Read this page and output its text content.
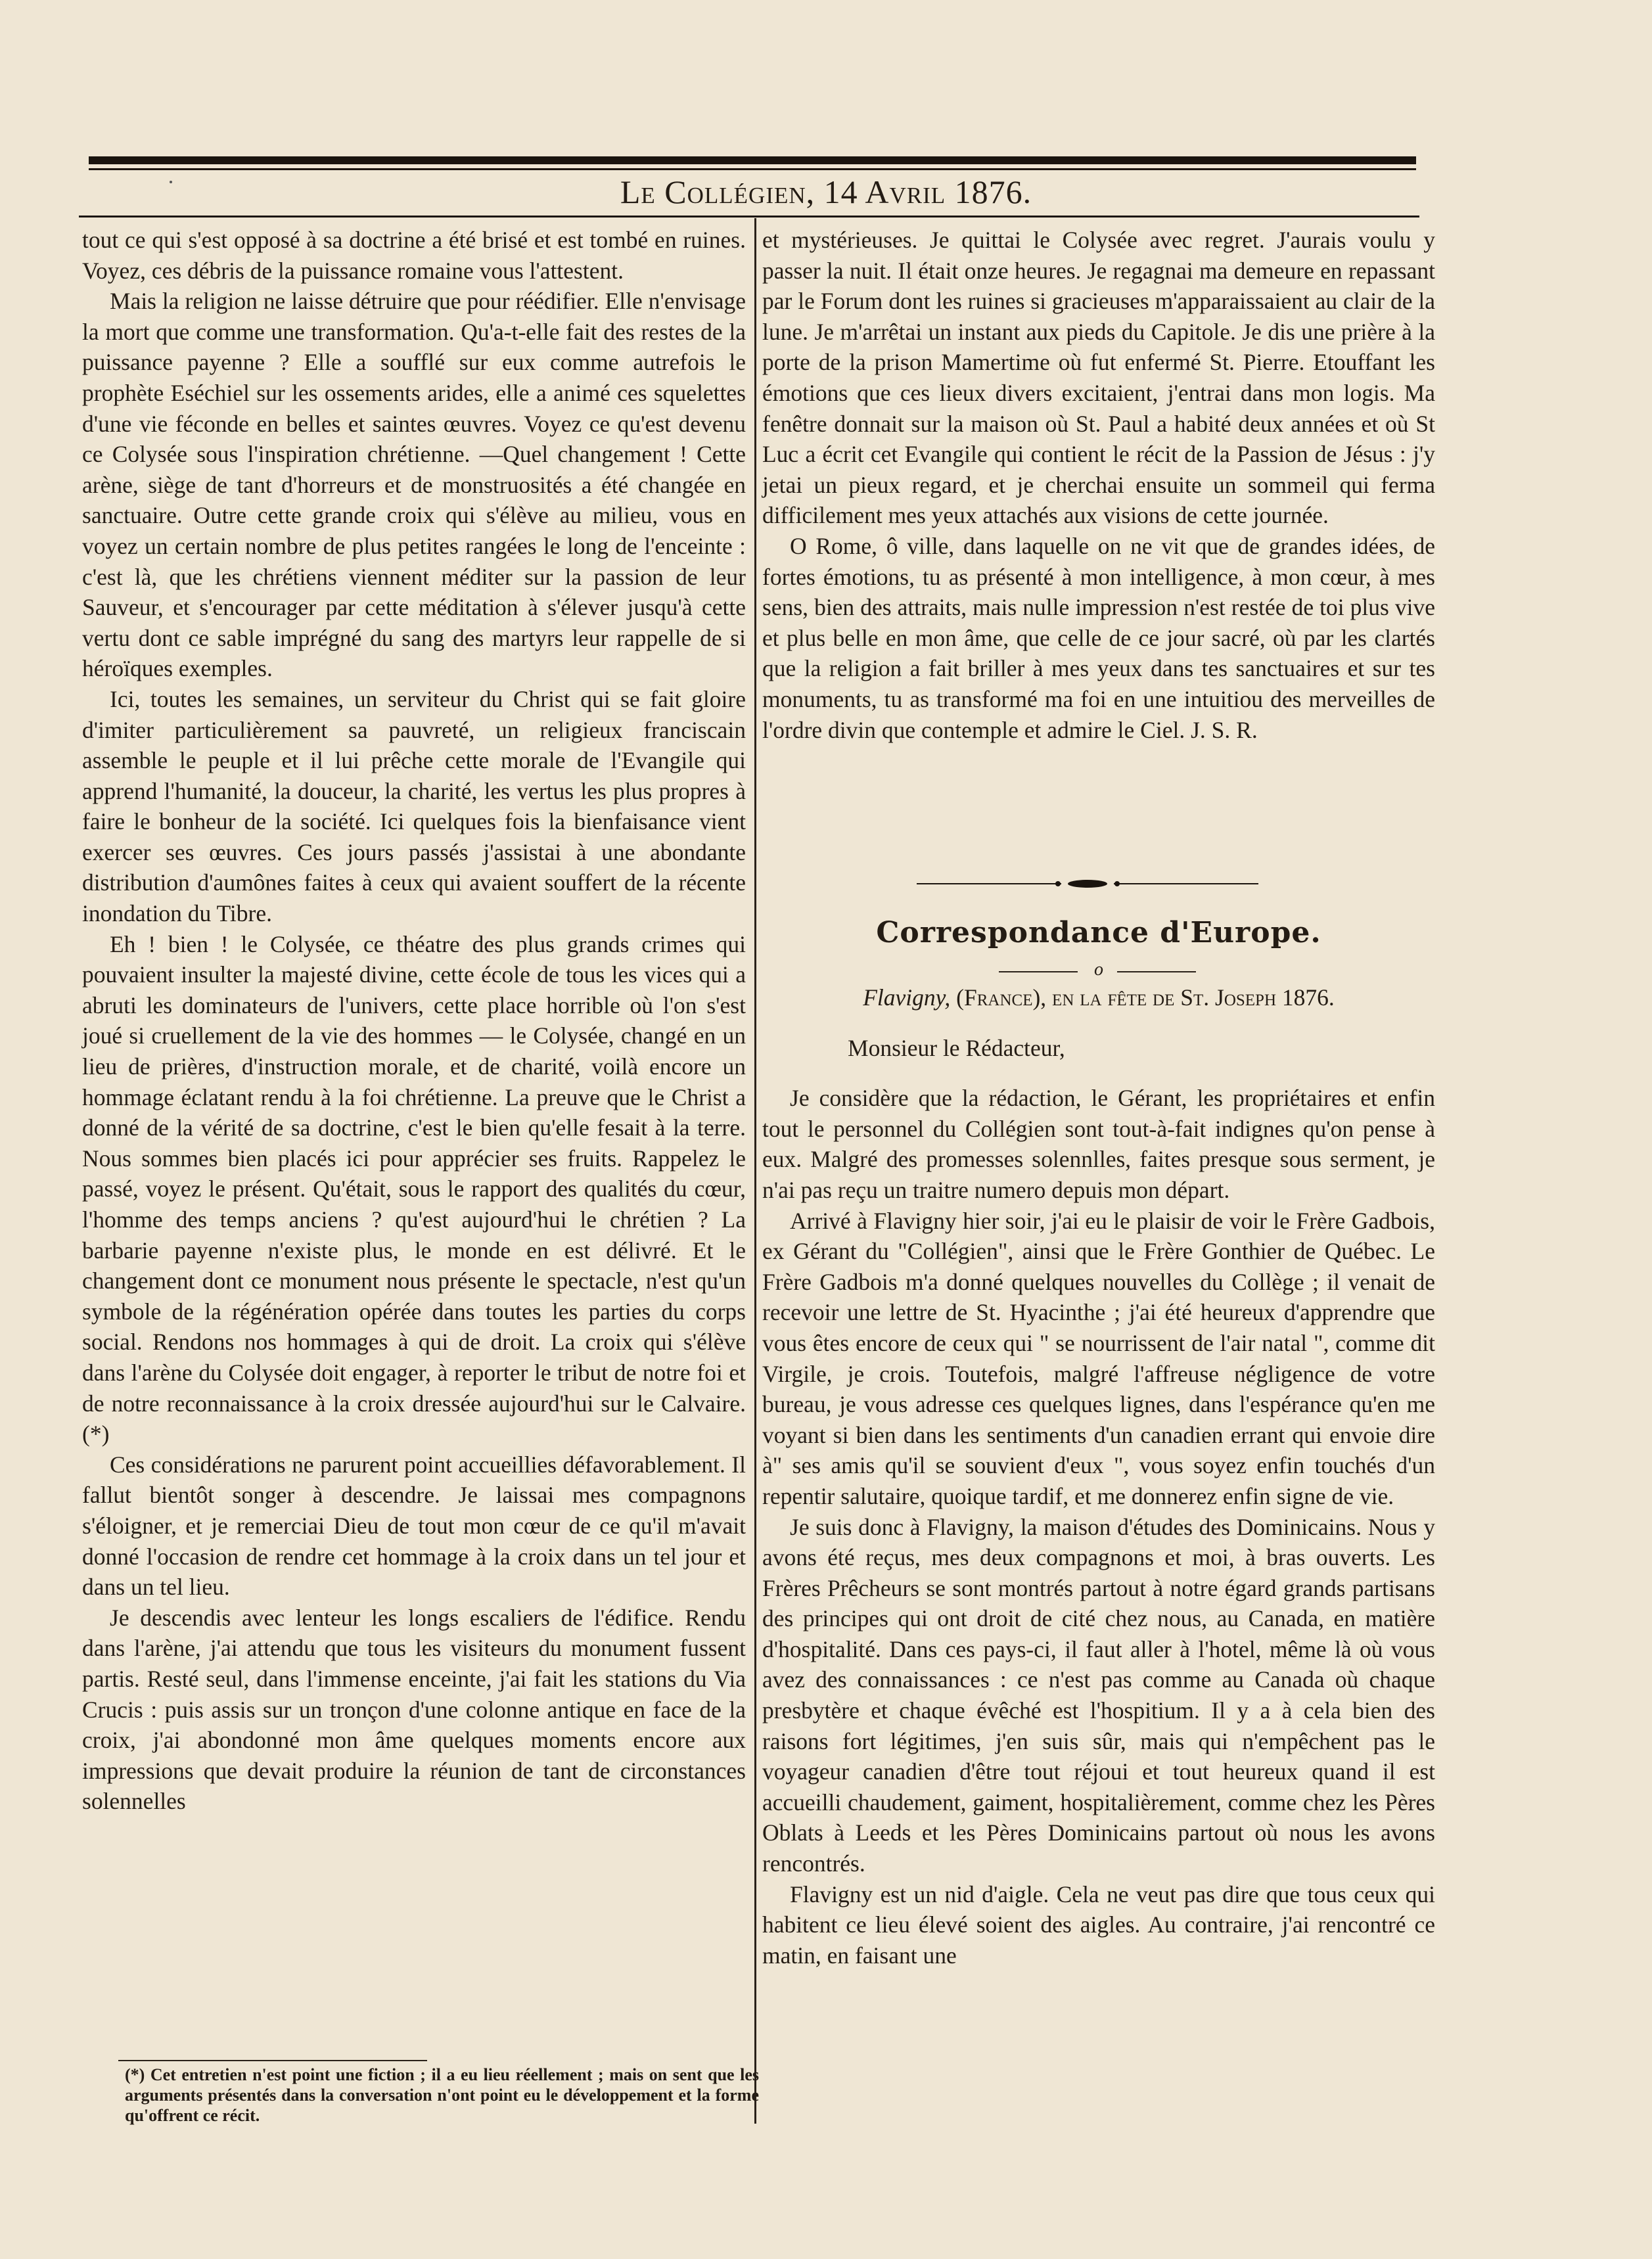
Le Collégien, 14 Avril 1876.

tout ce qui s'est opposé à sa doctrine a été brisé et est tombé en ruines. Voyez, ces débris de la puissance romaine vous l'attestent.

Mais la religion ne laisse détruire que pour réédifier. Elle n'envisage la mort que comme une transformation. Qu'a-t-elle fait des restes de la puissance payenne ? Elle a soufflé sur eux comme autrefois le prophète Eséchiel sur les ossements arides, elle a animé ces squelettes d'une vie féconde en belles et saintes œuvres. Voyez ce qu'est devenu ce Colysée sous l'inspiration chrétienne. —Quel changement ! Cette arène, siège de tant d'horreurs et de monstruosités a été changée en sanctuaire. Outre cette grande croix qui s'élève au milieu, vous en voyez un certain nombre de plus petites rangées le long de l'enceinte : c'est là, que les chrétiens viennent méditer sur la passion de leur Sauveur, et s'encourager par cette méditation à s'élever jusqu'à cette vertu dont ce sable imprégné du sang des martyrs leur rappelle de si héroïques exemples.

Ici, toutes les semaines, un serviteur du Christ qui se fait gloire d'imiter particulièrement sa pauvreté, un religieux franciscain assemble le peuple et il lui prêche cette morale de l'Evangile qui apprend l'humanité, la douceur, la charité, les vertus les plus propres à faire le bonheur de la société. Ici quelques fois la bienfaisance vient exercer ses œuvres. Ces jours passés j'assistai à une abondante distribution d'aumônes faites à ceux qui avaient souffert de la récente inondation du Tibre.

Eh ! bien ! le Colysée, ce théatre des plus grands crimes qui pouvaient insulter la majesté divine, cette école de tous les vices qui a abruti les dominateurs de l'univers, cette place horrible où l'on s'est joué si cruellement de la vie des hommes — le Colysée, changé en un lieu de prières, d'instruction morale, et de charité, voilà encore un hommage éclatant rendu à la foi chrétienne. La preuve que le Christ a donné de la vérité de sa doctrine, c'est le bien qu'elle fesait à la terre. Nous sommes bien placés ici pour apprécier ses fruits. Rappelez le passé, voyez le présent. Qu'était, sous le rapport des qualités du cœur, l'homme des temps anciens ? qu'est aujourd'hui le chrétien ? La barbarie payenne n'existe plus, le monde en est délivré. Et le changement dont ce monument nous présente le spectacle, n'est qu'un symbole de la régénération opérée dans toutes les parties du corps social. Rendons nos hommages à qui de droit. La croix qui s'élève dans l'arène du Colysée doit engager, à reporter le tribut de notre foi et de notre reconnaissance à la croix dressée aujourd'hui sur le Calvaire. (*)

Ces considérations ne parurent point accueillies défavorablement. Il fallut bientôt songer à descendre. Je laissai mes compagnons s'éloigner, et je remerciai Dieu de tout mon cœur de ce qu'il m'avait donné l'occasion de rendre cet hommage à la croix dans un tel jour et dans un tel lieu.

Je descendis avec lenteur les longs escaliers de l'édifice. Rendu dans l'arène, j'ai attendu que tous les visiteurs du monument fussent partis. Resté seul, dans l'immense enceinte, j'ai fait les stations du Via Crucis : puis assis sur un tronçon d'une colonne antique en face de la croix, j'ai abondonné mon âme quelques moments encore aux impressions que devait produire la réunion de tant de circonstances solennelles

(*) Cet entretien n'est point une fiction ; il a eu lieu réellement ; mais on sent que les arguments présentés dans la conversation n'ont point eu le développement et la forme qu'offrent ce récit.

et mystérieuses. Je quittai le Colysée avec regret. J'aurais voulu y passer la nuit. Il était onze heures. Je regagnai ma demeure en repassant par le Forum dont les ruines si gracieuses m'apparaissaient au clair de la lune. Je m'arrêtai un instant aux pieds du Capitole. Je dis une prière à la porte de la prison Mamertime où fut enfermé St. Pierre. Etouffant les émotions que ces lieux divers excitaient, j'entrai dans mon logis. Ma fenêtre donnait sur la maison où St. Paul a habité deux années et où St Luc a écrit cet Evangile qui contient le récit de la Passion de Jésus : j'y jetai un pieux regard, et je cherchai ensuite un sommeil qui ferma difficilement mes yeux attachés aux visions de cette journée.

O Rome, ô ville, dans laquelle on ne vit que de grandes idées, de fortes émotions, tu as présenté à mon intelligence, à mon cœur, à mes sens, bien des attraits, mais nulle impression n'est restée de toi plus vive et plus belle en mon âme, que celle de ce jour sacré, où par les clartés que la religion a fait briller à mes yeux dans tes sanctuaires et sur tes monuments, tu as transformé ma foi en une intuitiou des merveilles de l'ordre divin que contemple et admire le Ciel. J. S. R.

Correspondance d'Europe.
o

Flavigny, (France), en la fête de St. Joseph 1876.

Monsieur le Rédacteur,

Je considère que la rédaction, le Gérant, les propriétaires et enfin tout le personnel du Collégien sont tout-à-fait indignes qu'on pense à eux. Malgré des promesses solennlles, faites presque sous serment, je n'ai pas reçu un traitre numero depuis mon départ.

Arrivé à Flavigny hier soir, j'ai eu le plaisir de voir le Frère Gadbois, ex Gérant du "Collégien", ainsi que le Frère Gonthier de Québec. Le Frère Gadbois m'a donné quelques nouvelles du Collège ; il venait de recevoir une lettre de St. Hyacinthe ; j'ai été heureux d'apprendre que vous êtes encore de ceux qui " se nourrissent de l'air natal ", comme dit Virgile, je crois. Toutefois, malgré l'affreuse négligence de votre bureau, je vous adresse ces quelques lignes, dans l'espérance qu'en me voyant si bien dans les sentiments d'un canadien errant qui envoie dire à" ses amis qu'il se souvient d'eux ", vous soyez enfin touchés d'un repentir salutaire, quoique tardif, et me donnerez enfin signe de vie.

Je suis donc à Flavigny, la maison d'études des Dominicains. Nous y avons été reçus, mes deux compagnons et moi, à bras ouverts. Les Frères Prêcheurs se sont montrés partout à notre égard grands partisans des principes qui ont droit de cité chez nous, au Canada, en matière d'hospitalité. Dans ces pays-ci, il faut aller à l'hotel, même là où vous avez des connaissances : ce n'est pas comme au Canada où chaque presbytère et chaque évêché est l'hospitium. Il y a à cela bien des raisons fort légitimes, j'en suis sûr, mais qui n'empêchent pas le voyageur canadien d'être tout réjoui et tout heureux quand il est accueilli chaudement, gaiment, hospitalièrement, comme chez les Pères Oblats à Leeds et les Pères Dominicains partout où nous les avons rencontrés.

Flavigny est un nid d'aigle. Cela ne veut pas dire que tous ceux qui habitent ce lieu élevé soient des aigles. Au contraire, j'ai rencontré ce matin, en faisant une
